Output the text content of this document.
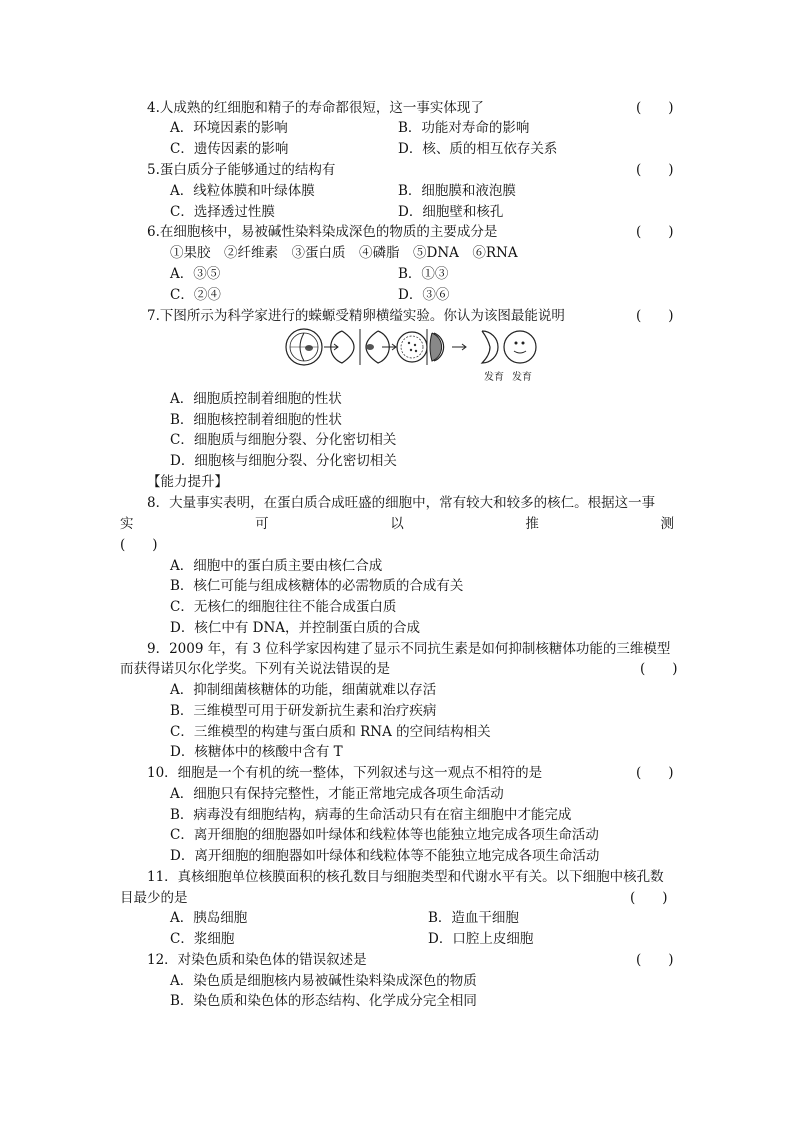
4.人成熟的红细胞和精子的寿命都很短，这一事实体现了	(　　)
A．环境因素的影响	B．功能对寿命的影响
C．遗传因素的影响	D．核、质的相互依存关系
5.蛋白质分子能够通过的结构有	(　　)
A．线粒体膜和叶绿体膜	B．细胞膜和液泡膜
C．选择透过性膜	D．细胞壁和核孔
6.在细胞核中，易被碱性染料染成深色的物质的主要成分是	(　　)
①果胶　②纤维素　③蛋白质　④磷脂　⑤DNA　⑥RNA
A．③⑤	B．①③
C．②④	D．③⑥
7.下图所示为科学家进行的蝾螈受精卵横缢实验。你认为该图最能说明	(　　)
发育 发育
A．细胞质控制着细胞的性状
B．细胞核控制着细胞的性状
C．细胞质与细胞分裂、分化密切相关
D．细胞核与细胞分裂、分化密切相关
【能力提升】
8．大量事实表明，在蛋白质合成旺盛的细胞中，常有较大和较多的核仁。根据这一事
实	可	以	推	测
(　　)
A．细胞中的蛋白质主要由核仁合成
B．核仁可能与组成核糖体的必需物质的合成有关
C．无核仁的细胞往往不能合成蛋白质
D．核仁中有 DNA，并控制蛋白质的合成
9．2009 年，有 3 位科学家因构建了显示不同抗生素是如何抑制核糖体功能的三维模型
而获得诺贝尔化学奖。下列有关说法错误的是	(　　)
A．抑制细菌核糖体的功能，细菌就难以存活
B．三维模型可用于研发新抗生素和治疗疾病
C．三维模型的构建与蛋白质和 RNA 的空间结构相关
D．核糖体中的核酸中含有 T
10．细胞是一个有机的统一整体，下列叙述与这一观点不相符的是	(　　)
A．细胞只有保持完整性，才能正常地完成各项生命活动
B．病毒没有细胞结构，病毒的生命活动只有在宿主细胞中才能完成
C．离开细胞的细胞器如叶绿体和线粒体等也能独立地完成各项生命活动
D．离开细胞的细胞器如叶绿体和线粒体等不能独立地完成各项生命活动
11．真核细胞单位核膜面积的核孔数目与细胞类型和代谢水平有关。以下细胞中核孔数
目最少的是	(　　)
A．胰岛细胞	B．造血干细胞
C．浆细胞	D．口腔上皮细胞
12．对染色质和染色体的错误叙述是	(　　)
A．染色质是细胞核内易被碱性染料染成深色的物质
B．染色质和染色体的形态结构、化学成分完全相同
